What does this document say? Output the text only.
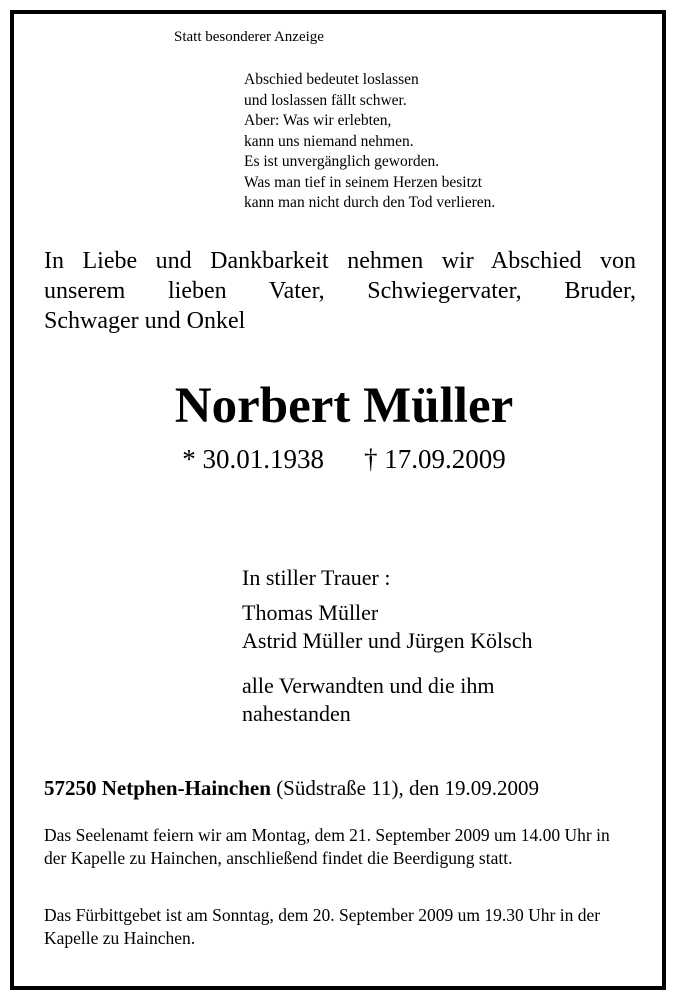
Statt besonderer Anzeige
Abschied bedeutet loslassen
und loslassen fällt schwer.
Aber: Was wir erlebten,
kann uns niemand nehmen.
Es ist unvergänglich geworden.
Was man tief in seinem Herzen besitzt
kann man nicht durch den Tod verlieren.
In Liebe und Dankbarkeit nehmen wir Abschied von
unserem lieben Vater, Schwiegervater, Bruder,
Schwager und Onkel
Norbert Müller
* 30.01.1938 † 17.09.2009
In stiller Trauer :
Thomas Müller
Astrid Müller und Jürgen Kölsch
alle Verwandten und die ihm
nahestanden
57250 Netphen-Hainchen (Südstraße 11), den 19.09.2009
Das Seelenamt feiern wir am Montag, dem 21. September 2009 um 14.00 Uhr in der Kapelle zu Hainchen, anschließend findet die Beerdigung statt.
Das Fürbittgebet ist am Sonntag, dem 20. September 2009 um 19.30 Uhr in der Kapelle zu Hainchen.
